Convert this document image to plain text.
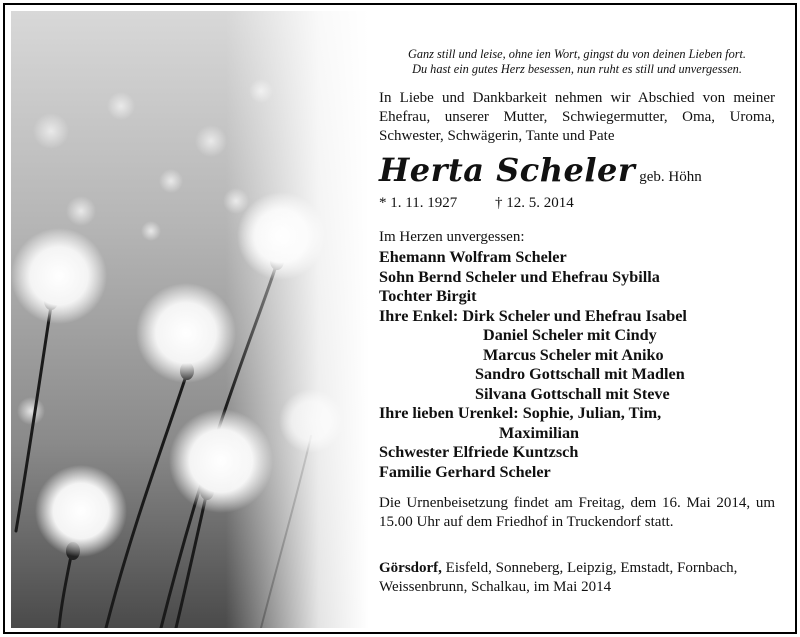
Ganz still und leise, ohne ien Wort, gingst du von deinen Lieben fort.
Du hast ein gutes Herz besessen, nun ruht es still und unvergessen.

In Liebe und Dankbarkeit nehmen wir Abschied von meiner Ehefrau, unserer Mutter, Schwiegermutter, Oma, Uroma, Schwester, Schwägerin, Tante und Pate

Herta Scheler geb. Höhn
* 1. 11. 1927	† 12. 5. 2014
Im Herzen unvergessen:
Ehemann Wolfram Scheler
Sohn Bernd Scheler und Ehefrau Sybilla
Tochter Birgit
Ihre Enkel: Dirk Scheler und Ehefrau Isabel
Daniel Scheler mit Cindy
Marcus Scheler mit Aniko
Sandro Gottschall mit Madlen
Silvana Gottschall mit Steve
Ihre lieben Urenkel: Sophie, Julian, Tim,
Maximilian
Schwester Elfriede Kuntzsch
Familie Gerhard Scheler

Die Urnenbeisetzung findet am Freitag, dem 16. Mai 2014, um 15.00 Uhr auf dem Friedhof in Truckendorf statt.

Görsdorf, Eisfeld, Sonneberg, Leipzig, Emstadt, Fornbach, Weissenbrunn, Schalkau, im Mai 2014
